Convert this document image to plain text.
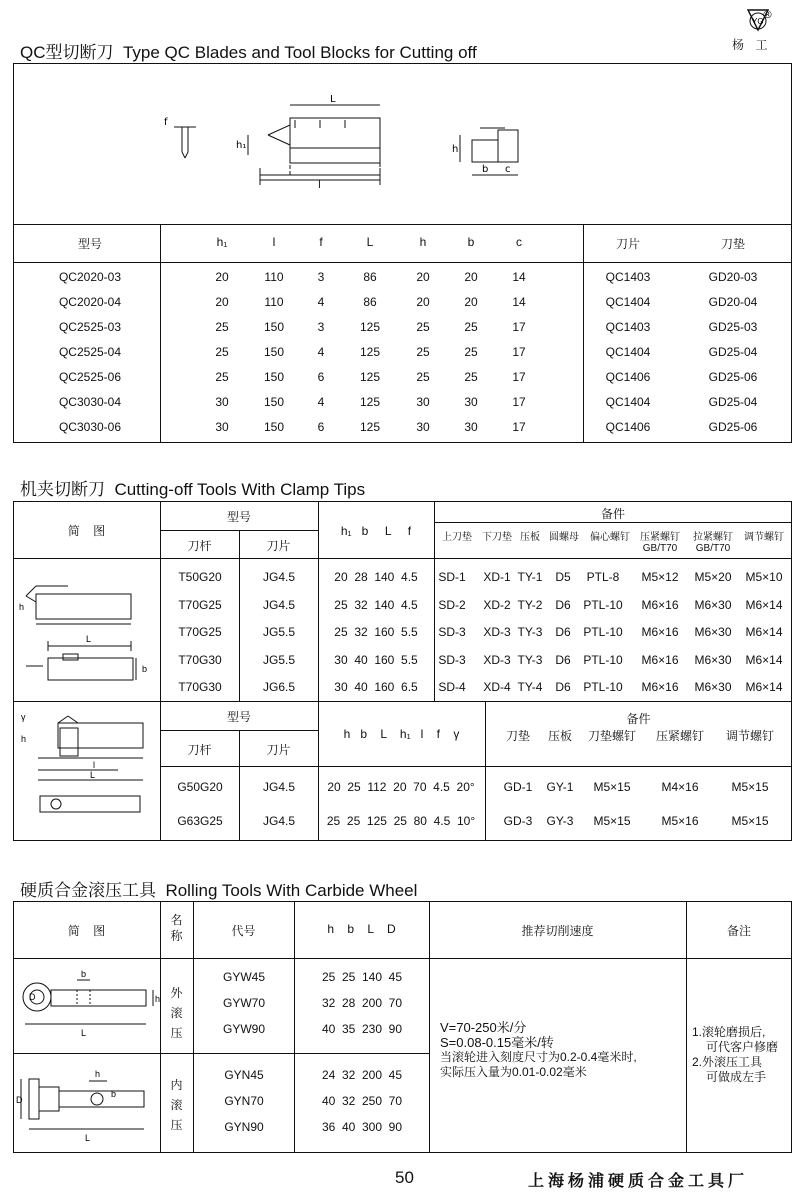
YG
®
杨   工
QC型切断刀  Type QC Blades and Tool Blocks for Cutting off
f
L
l
h₁	h
b c
型号	h₁	l	f	L	h	b	c	刀片	刀垫
QC2020-03	20	110	3	86	20	20	14	QC1403	GD20-03
QC2020-04	20	110	4	86	20	20	14	QC1404	GD20-04
QC2525-03	25	150	3	125	25	25	17	QC1403	GD25-03
QC2525-04	25	150	4	125	25	25	17	QC1404	GD25-04
QC2525-06	25	150	6	125	25	25	17	QC1406	GD25-06
QC3030-04	30	150	4	125	30	30	17	QC1404	GD25-04
QC3030-06	30	150	6	125	30	30	17	QC1406	GD25-06
机夹切断刀  Cutting-off Tools With Clamp Tips
简    图
型号
刀杆	刀片
h₁   b     L     f
备件
上刀垫	下刀垫 压板 圆螺母	偏心螺钉	压紧螺钉	拉紧螺钉	调节螺钉
GB/T70 GB/T70
T50G20	JG4.5	20  28  140  4.5	SD-1	XD-1 TY-1	D5	PTL-8	M5×12	M5×20	M5×10
T70G25	JG4.5	25  32  140  4.5	SD-2	XD-2 TY-2	D6	PTL-10	M6×16	M6×30	M6×14
T70G25	JG5.5	25  32  160  5.5	SD-3	XD-3 TY-3	D6	PTL-10	M6×16	M6×30	M6×14
T70G30	JG5.5	30  40  160  5.5	SD-3	XD-3 TY-3	D6	PTL-10	M6×16	M6×30	M6×14
T70G30	JG6.5	30  40  160  6.5	SD-4	XD-4 TY-4	D6	PTL-10	M6×16	M6×30	M6×14
h
L
b
型号
刀杆	刀片
h   b    L    h₁   l    f    γ
备件
刀垫	压板	刀垫螺钉	压紧螺钉	调节螺钉
G50G20	JG4.5	20  25  112  20  70  4.5  20°	GD-1	GY-1	M5×15	M4×16	M5×15
G63G25	JG4.5	25  25  125  25  80  4.5  10°	GD-3	GY-3	M5×15	M5×16	M5×15
γ
h
l
L
硬质合金滚压工具  Rolling Tools With Carbide Wheel
简    图
名
称	代号	h    b    L    D	推荐切削速度	备注
外
滚
压
内
滚
压
GYW45	25  25  140  45
GYW70	32  28  200  70
GYW90	40  35  230  90
GYN45	24  32  200  45
GYN70	40  32  250  70
GYN90	36  40  300  90
V=70-250米/分
S=0.08-0.15毫米/转
当滚轮进入刻度尺寸为0.2-0.4毫米时,
实际压入量为0.01-0.02毫米
1.滚轮磨损后,
可代客户修磨
2.外滚压工具
可做成左手
D
b
L
h
D
h
b
L
50	上海杨浦硬质合金工具厂
